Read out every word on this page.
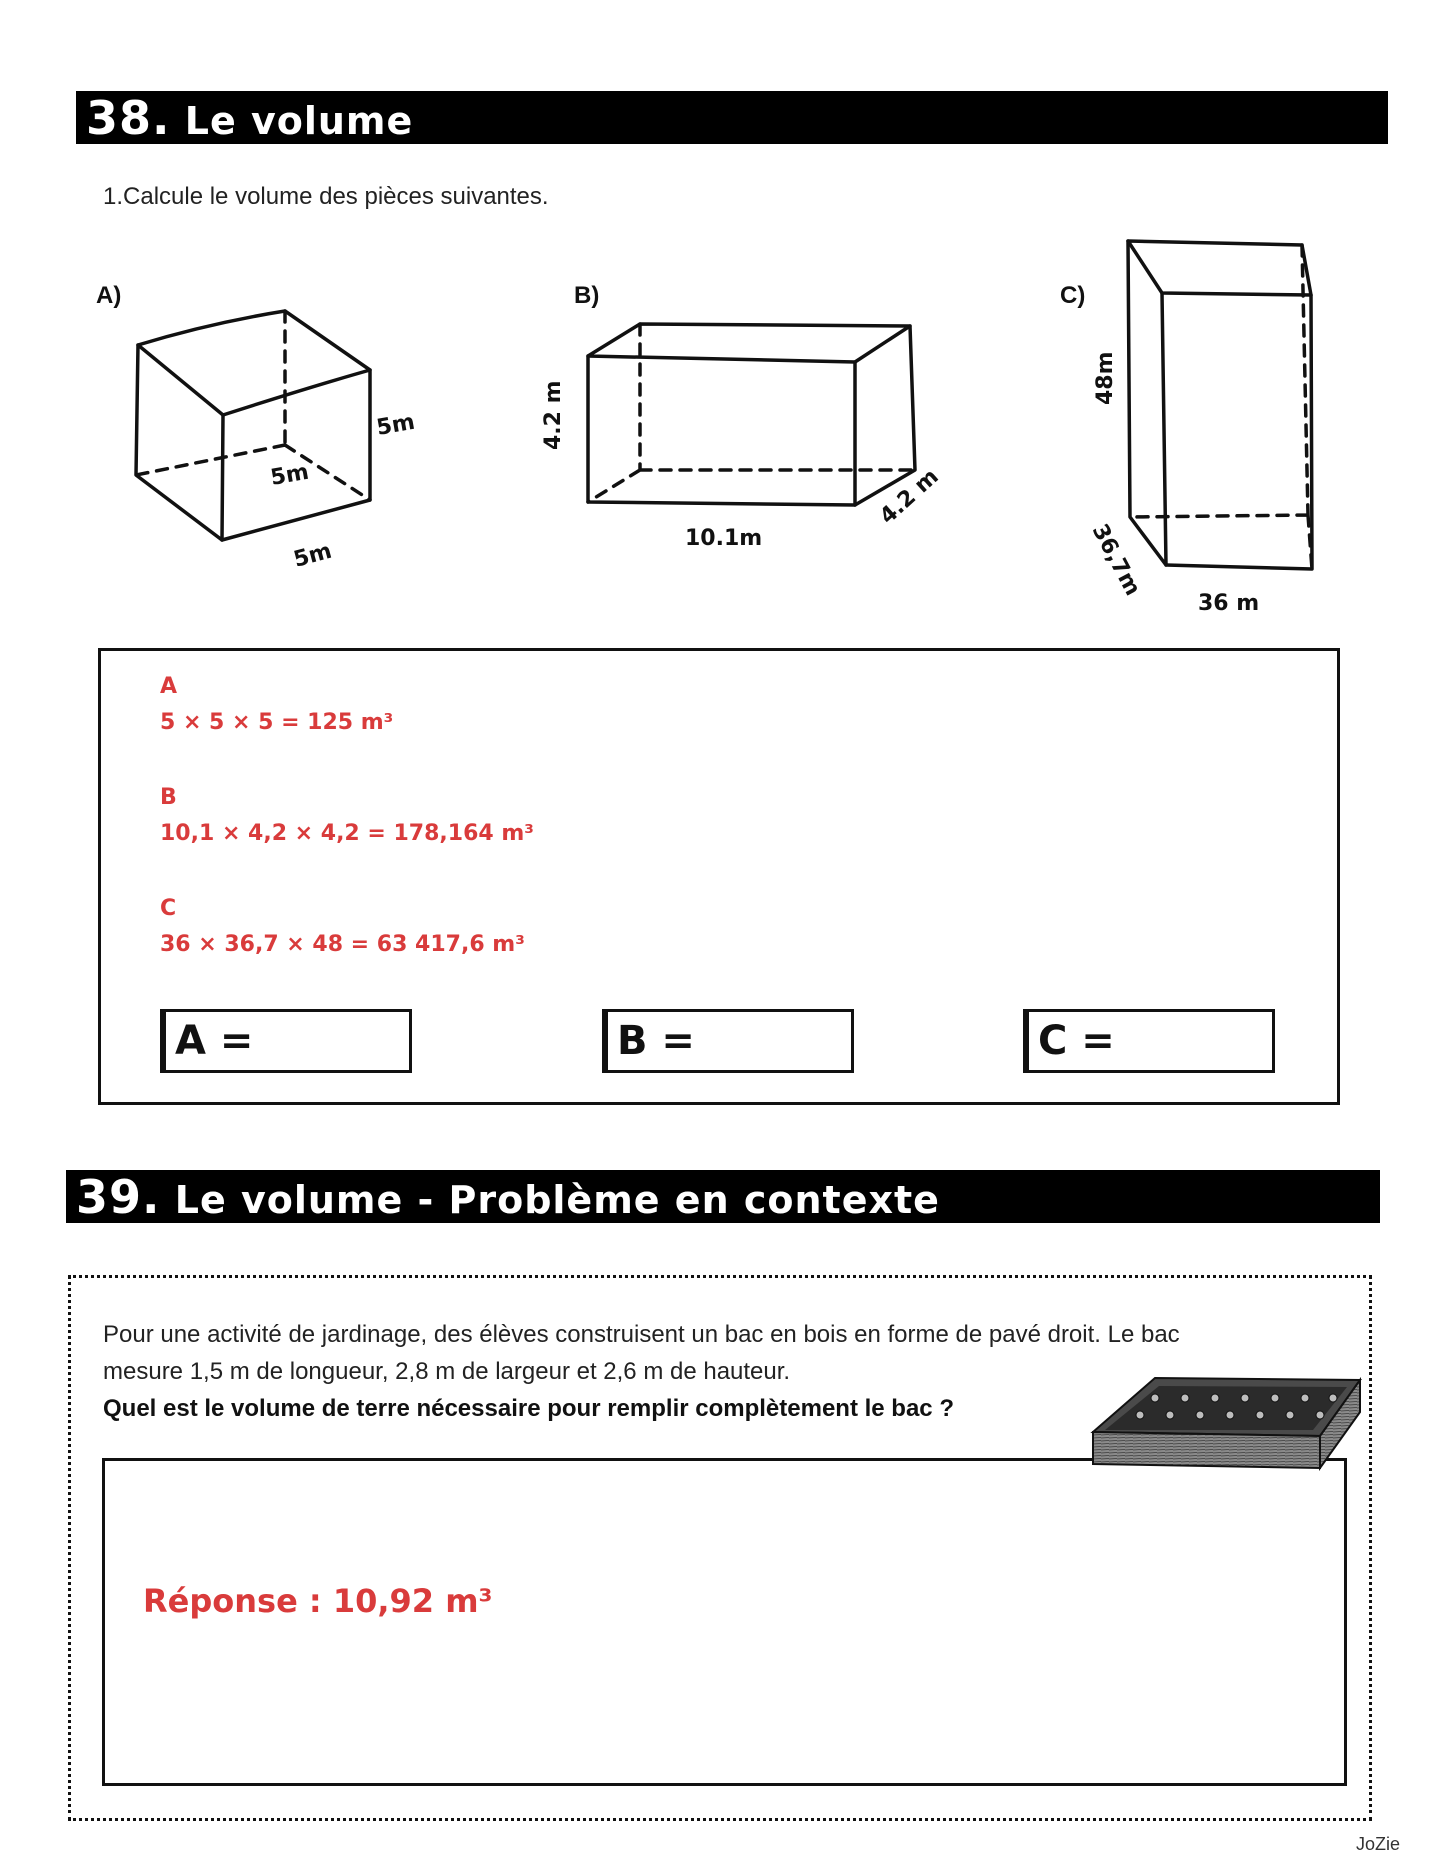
38. Le volume
1.Calcule le volume des pièces suivantes.
A)
5m
5m
5m
B)
4.2 m
10.1m
4.2 m
C)
48m
36,7m
36 m
A
5 × 5 × 5 = 125 m³
B
10,1 × 4,2 × 4,2 = 178,164 m³
C
36 × 36,7 × 48 = 63 417,6 m³
A =	B =	C =
39. Le volume - Problème en contexte
Pour une activité de jardinage, des élèves construisent un bac en bois en forme de pavé droit. Le bac mesure 1,5 m de longueur, 2,8 m de largeur et 2,6 m de hauteur.
Quel est le volume de terre nécessaire pour remplir complètement le bac ?
Réponse : 10,92 m³
JoZie
